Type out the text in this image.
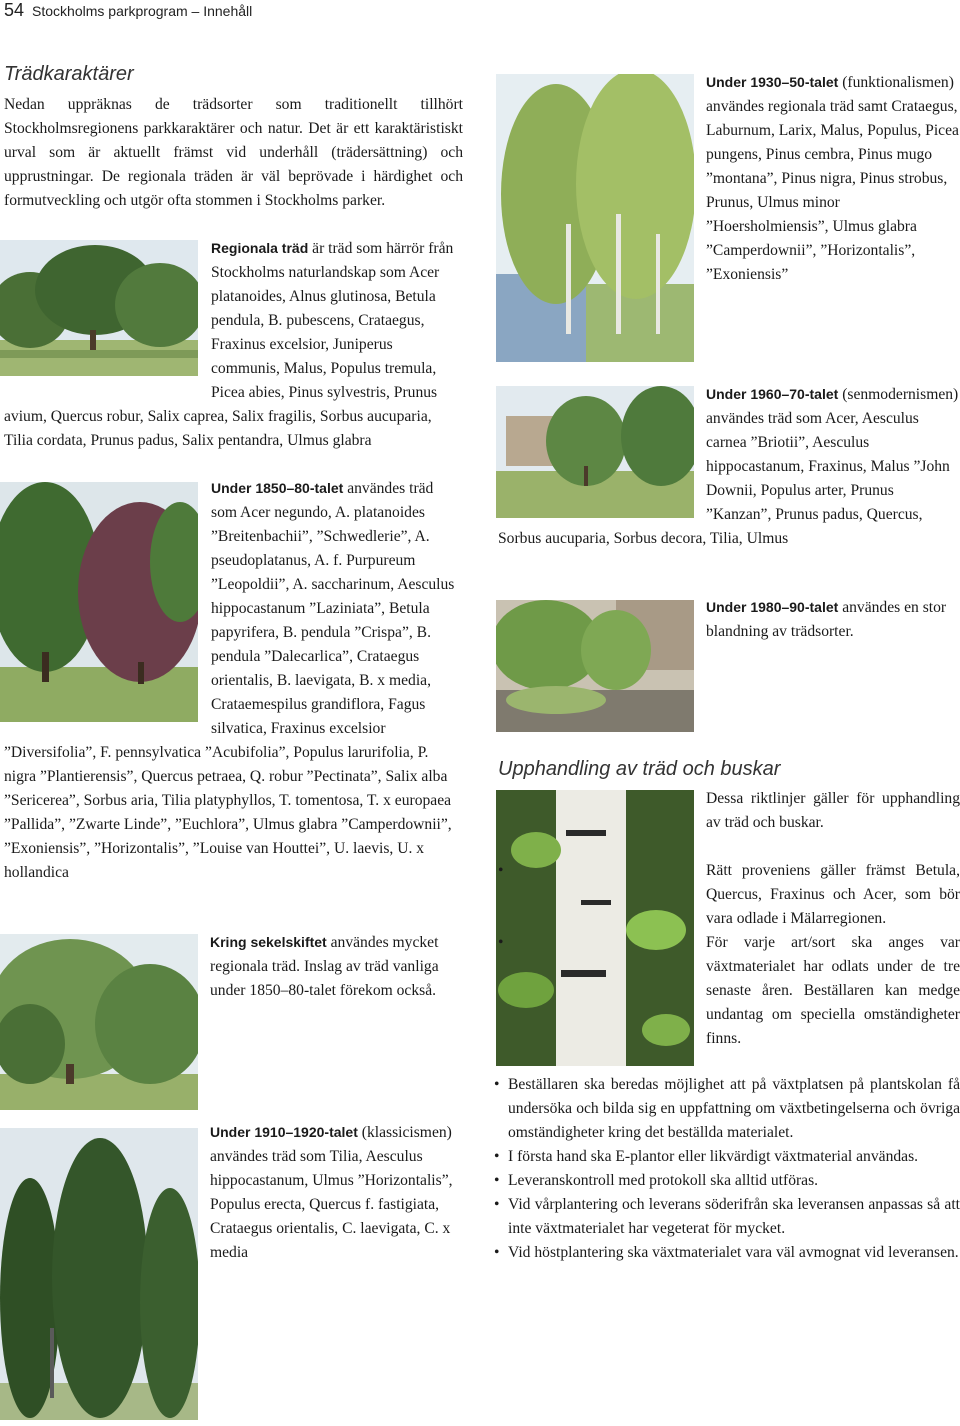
54 Stockholms parkprogram – Innehåll
Trädkaraktärer

Nedan uppräknas de trädsorter som traditionellt tillhört Stockholmsregionens parkkaraktärer och natur. Det är ett karaktäristiskt urval som är aktuellt främst vid underhåll (trädersättning) och upprustningar. De regionala träden är väl beprövade i härdighet och formutveckling och utgör ofta stommen i Stockholms parker.

Regionala träd är träd som härrör från Stockholms naturlandskap som Acer platanoides, Alnus glutinosa, Betula pendula, B. pubescens, Crataegus, Fraxinus excelsior, Juniperus communis, Malus, Populus tremula, Picea abies, Pinus sylvestris, Prunus avium, Quercus robur, Salix caprea, Salix fragilis, Sorbus aucuparia, Tilia cordata, Prunus padus, Salix pentandra, Ulmus glabra
Under 1850–80-talet användes träd som Acer negundo, A. platanoides ”Breitenbachii”, ”Schwedlerie”, A. pseudoplatanus, A. f. Purpureum ”Leopoldii”, A. saccharinum, Aesculus hippocastanum ”Laziniata”, Betula papyrifera, B. pendula ”Crispa”, B. pendula ”Dalecarlica”, Crataegus orientalis, B. laevigata, B. x media, Crataemespilus grandiflora, Fagus silvatica, Fraxinus excelsior ”Diversifolia”, F. pennsylvatica ”Acubifolia”, Populus larurifolia, P. nigra ”Plantierensis”, Quercus petraea, Q. robur ”Pectinata”, Salix alba ”Sericerea”, Sorbus aria, Tilia platyphyllos, T. tomentosa, T. x europaea ”Pallida”, ”Zwarte Linde”, ”Euchlora”, Ulmus glabra ”Camperdownii”, ”Exoniensis”, ”Horizontalis”, ”Louise van Houttei”, U. laevis, U. x hollandica
Kring sekelskiftet användes mycket regionala träd. Inslag av träd vanliga under 1850–80-talet förekom också.
Under 1910–1920-talet (klassicismen) användes träd som Tilia, Aesculus hippocastanum, Ulmus ”Horizontalis”, Populus erecta, Quercus f. fastigiata, Crataegus orientalis, C. laevigata, C. x media
Under 1930–50-talet (funktionalismen) användes regionala träd samt Crataegus, Laburnum, Larix, Malus, Populus, Picea pungens, Pinus cembra, Pinus mugo ”montana”, Pinus nigra, Pinus strobus, Prunus, Ulmus minor ”Hoersholmiensis”, Ulmus glabra ”Camperdownii”, ”Horizontalis”, ”Exoniensis”
Under 1960–70-talet (senmodernismen) användes träd som Acer, Aesculus carnea ”Briotii”, Aesculus hippocastanum, Fraxinus, Malus ”John Downii, Populus arter, Prunus ”Kanzan”, Prunus padus, Quercus, Sorbus aucuparia, Sorbus decora, Tilia, Ulmus
Under 1980–90-talet användes en stor blandning av trädsorter.
Upphandling av träd och buskar

Dessa riktlinjer gäller för upphandling av träd och buskar.

• Rätt proveniens gäller främst Betula, Quercus, Fraxinus och Acer, som bör vara odlade i Mälarregionen.
• För varje art/sort ska anges var växtmaterialet har odlats under de tre senaste åren. Beställaren kan medge undantag om speciella omständigheter finns.
• Beställaren ska beredas möjlighet att på växtplatsen på plantskolan få undersöka och bilda sig en uppfattning om växtbetingelserna och övriga omständigheter kring det beställda materialet.
• I första hand ska E-plantor eller likvärdigt växtmaterial användas.
• Leveranskontroll med protokoll ska alltid utföras.
• Vid vårplantering och leverans söderifrån ska leveransen anpassas så att inte växtmaterialet har vegeterat för mycket.
• Vid höstplantering ska växtmaterialet vara väl avmognat vid leveransen.
